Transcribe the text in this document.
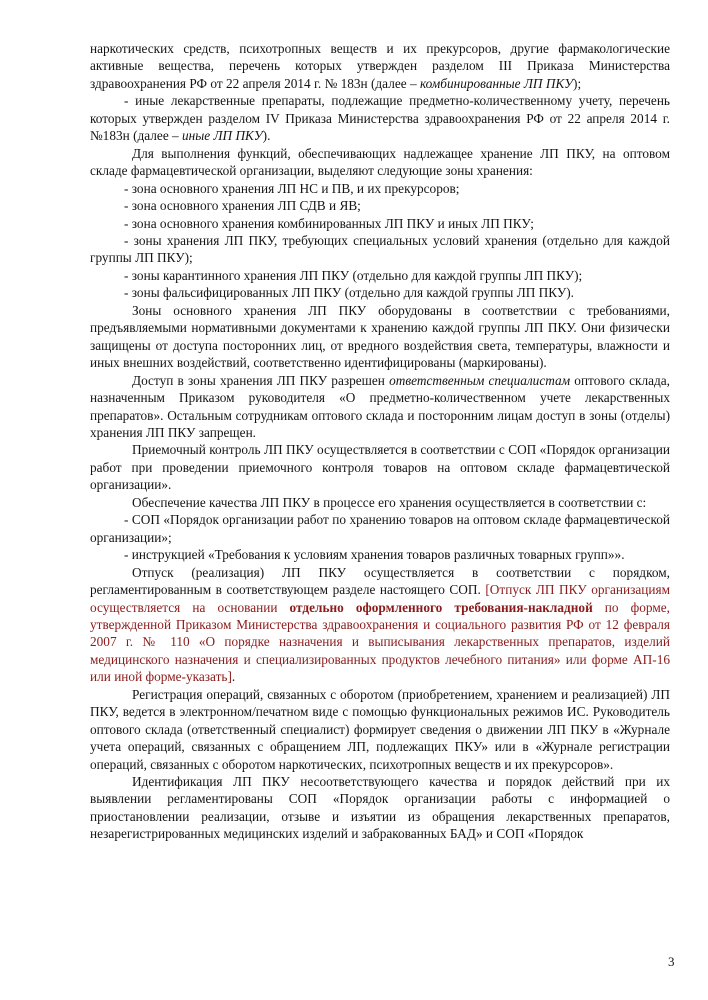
наркотических средств, психотропных веществ и их прекурсоров, другие фармакологические активные вещества, перечень которых утвержден разделом III Приказа Министерства здравоохранения РФ от 22 апреля 2014 г. № 183н (далее – комбинированные ЛП ПКУ);

- иные лекарственные препараты, подлежащие предметно-количественному учету, перечень которых утвержден разделом IV Приказа Министерства здравоохранения РФ от 22 апреля 2014 г. №183н (далее – иные ЛП ПКУ).

Для выполнения функций, обеспечивающих надлежащее хранение ЛП ПКУ, на оптовом складе фармацевтической организации, выделяют следующие зоны хранения:

- зона основного хранения ЛП НС и ПВ, и их прекурсоров;

- зона основного хранения ЛП СДВ и ЯВ;

- зона основного хранения комбинированных ЛП ПКУ и иных ЛП ПКУ;

- зоны хранения ЛП ПКУ, требующих специальных условий хранения (отдельно для каждой группы ЛП ПКУ);

- зоны карантинного хранения ЛП ПКУ (отдельно для каждой группы ЛП ПКУ);

- зоны фальсифицированных ЛП ПКУ (отдельно для каждой группы ЛП ПКУ).

Зоны основного хранения ЛП ПКУ оборудованы в соответствии с требованиями, предъявляемыми нормативными документами к хранению каждой группы ЛП ПКУ. Они физически защищены от доступа посторонних лиц, от вредного воздействия света, температуры, влажности и иных внешних воздействий, соответственно идентифицированы (маркированы).

Доступ в зоны хранения ЛП ПКУ разрешен ответственным специалистам оптового склада, назначенным Приказом руководителя «О предметно-количественном учете лекарственных препаратов». Остальным сотрудникам оптового склада и посторонним лицам доступ в зоны (отделы) хранения ЛП ПКУ запрещен.

Приемочный контроль ЛП ПКУ осуществляется в соответствии с СОП «Порядок организации работ при проведении приемочного контроля товаров на оптовом складе фармацевтической организации».

Обеспечение качества ЛП ПКУ в процессе его хранения осуществляется в соответствии с:

- СОП «Порядок организации работ по хранению товаров на оптовом складе фармацевтической организации»;

- инструкцией «Требования к условиям хранения товаров различных товарных групп»».

Отпуск (реализация) ЛП ПКУ осуществляется в соответствии с порядком, регламентированным в соответствующем разделе настоящего СОП. [Отпуск ЛП ПКУ организациям осуществляется на основании отдельно оформленного требования-накладной по форме, утвержденной Приказом Министерства здравоохранения и социального развития РФ от 12 февраля 2007 г. № 110 «О порядке назначения и выписывания лекарственных препаратов, изделий медицинского назначения и специализированных продуктов лечебного питания» или форме АП-16 или иной форме-указать].

Регистрация операций, связанных с оборотом (приобретением, хранением и реализацией) ЛП ПКУ, ведется в электронном/печатном виде с помощью функциональных режимов ИС. Руководитель оптового склада (ответственный специалист) формирует сведения о движении ЛП ПКУ в «Журнале учета операций, связанных с обращением ЛП, подлежащих ПКУ» или в «Журнале регистрации операций, связанных с оборотом наркотических, психотропных веществ и их прекурсоров».

Идентификация ЛП ПКУ несоответствующего качества и порядок действий при их выявлении регламентированы СОП «Порядок организации работы с информацией о приостановлении реализации, отзыве и изъятии из обращения лекарственных препаратов, незарегистрированных медицинских изделий и забракованных БАД» и СОП «Порядок

3
